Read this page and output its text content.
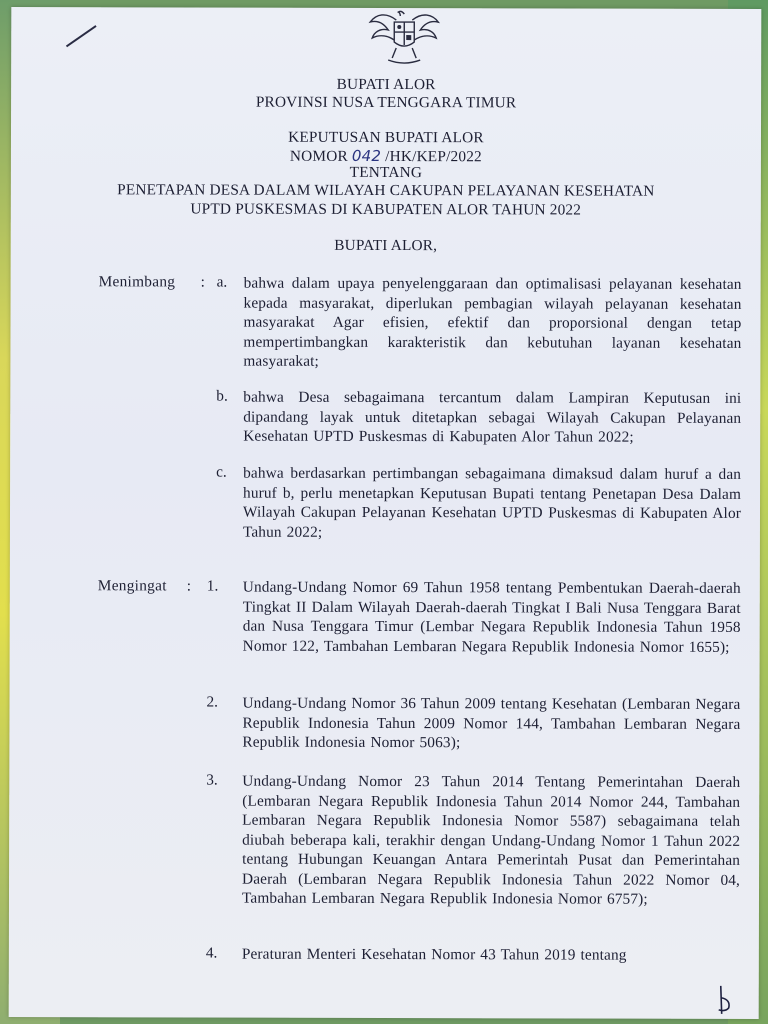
BUPATI ALOR
PROVINSI NUSA TENGGARA TIMUR
KEPUTUSAN BUPATI ALOR
NOMOR 042 /HK/KEP/2022
TENTANG
PENETAPAN DESA DALAM WILAYAH CAKUPAN PELAYANAN KESEHATAN
UPTD PUSKESMAS DI KABUPATEN ALOR TAHUN 2022
BUPATI ALOR,
Menimbang : a. bahwa dalam upaya penyelenggaraan dan optimalisasi pelayanan kesehatan kepada masyarakat, diperlukan pembagian wilayah pelayanan kesehatan masyarakat Agar efisien, efektif dan proporsional dengan tetap mempertimbangkan karakteristik dan kebutuhan layanan kesehatan masyarakat;
b. bahwa Desa sebagaimana tercantum dalam Lampiran Keputusan ini dipandang layak untuk ditetapkan sebagai Wilayah Cakupan Pelayanan Kesehatan UPTD Puskesmas di Kabupaten Alor Tahun 2022;
c. bahwa berdasarkan pertimbangan sebagaimana dimaksud dalam huruf a dan huruf b, perlu menetapkan Keputusan Bupati tentang Penetapan Desa Dalam Wilayah Cakupan Pelayanan Kesehatan UPTD Puskesmas di Kabupaten Alor Tahun 2022;
Mengingat : 1. Undang-Undang Nomor 69 Tahun 1958 tentang Pembentukan Daerah-daerah Tingkat II Dalam Wilayah Daerah-daerah Tingkat I Bali Nusa Tenggara Barat dan Nusa Tenggara Timur (Lembar Negara Republik Indonesia Tahun 1958 Nomor 122, Tambahan Lembaran Negara Republik Indonesia Nomor 1655);
2. Undang-Undang Nomor 36 Tahun 2009 tentang Kesehatan (Lembaran Negara Republik Indonesia Tahun 2009 Nomor 144, Tambahan Lembaran Negara Republik Indonesia Nomor 5063);
3. Undang-Undang Nomor 23 Tahun 2014 Tentang Pemerintahan Daerah (Lembaran Negara Republik Indonesia Tahun 2014 Nomor 244, Tambahan Lembaran Negara Republik Indonesia Nomor 5587) sebagaimana telah diubah beberapa kali, terakhir dengan Undang-Undang Nomor 1 Tahun 2022 tentang Hubungan Keuangan Antara Pemerintah Pusat dan Pemerintahan Daerah (Lembaran Negara Republik Indonesia Tahun 2022 Nomor 04, Tambahan Lembaran Negara Republik Indonesia Nomor 6757);
4. Peraturan Menteri Kesehatan Nomor 43 Tahun 2019 tentang
